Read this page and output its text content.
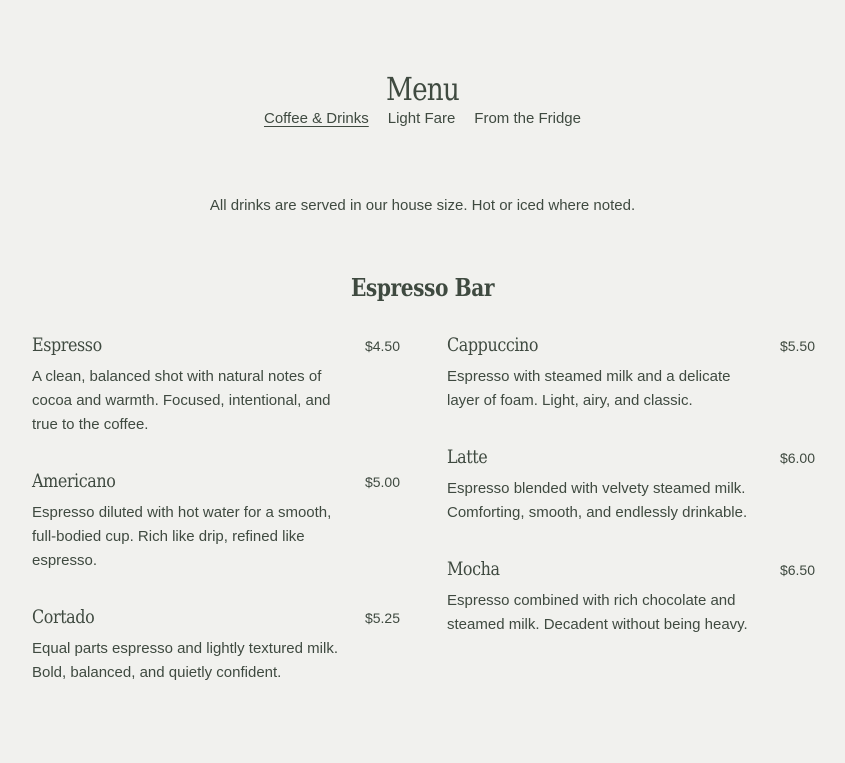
Menu
Coffee & Drinks Light Fare From the Fridge

All drinks are served in our house size. Hot or iced where noted.

Espresso Bar
Espresso	$4.50

A clean, balanced shot with natural notes of cocoa and warmth. Focused, intentional, and true to the coffee.

Americano	$5.00

Espresso diluted with hot water for a smooth, full-bodied cup. Rich like drip, refined like espresso.

Cortado	$5.25

Equal parts espresso and lightly textured milk. Bold, balanced, and quietly confident.

Cappuccino	$5.50

Espresso with steamed milk and a delicate layer of foam. Light, airy, and classic.

Latte	$6.00

Espresso blended with velvety steamed milk. Comforting, smooth, and endlessly drinkable.

Mocha	$6.50

Espresso combined with rich chocolate and steamed milk. Decadent without being heavy.
